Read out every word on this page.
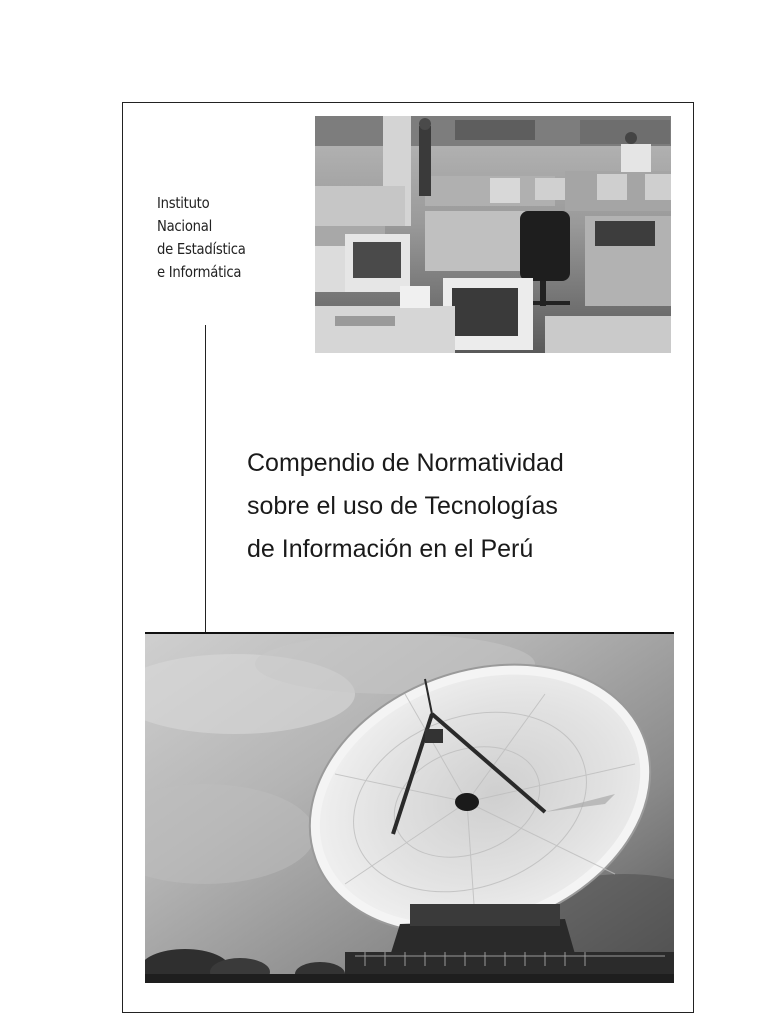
Instituto
Nacional
de Estadística
e Informática
Compendio de Normatividad
sobre el uso de Tecnologías
de Información en el Perú
